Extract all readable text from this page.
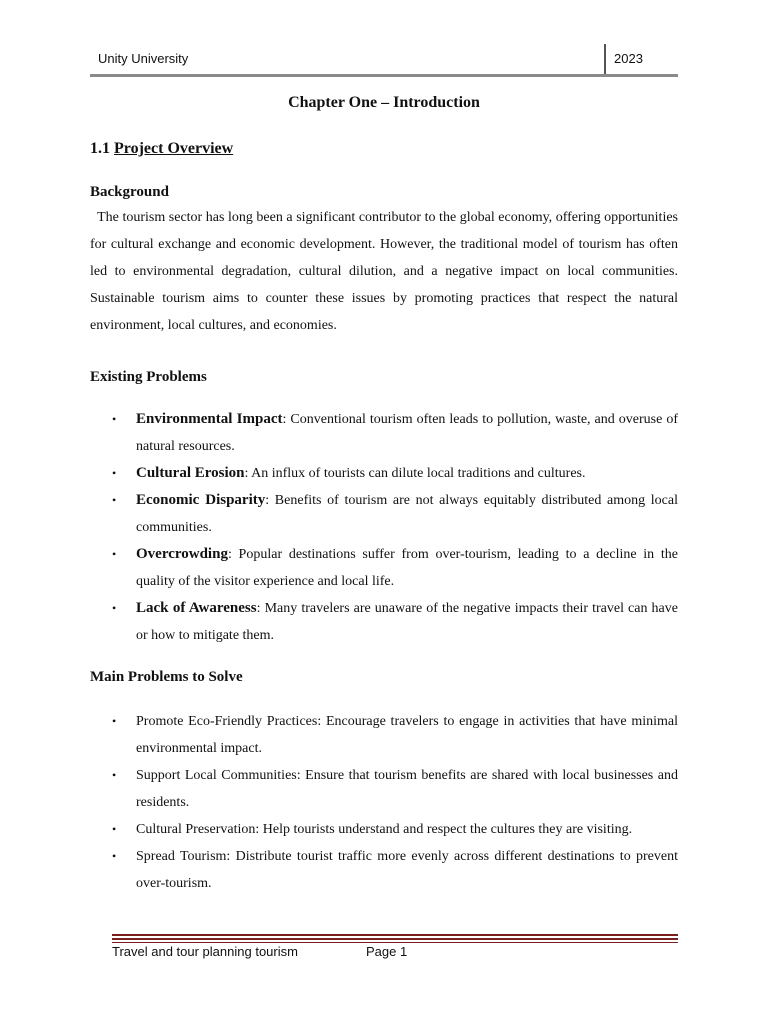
Unity University	2023
Chapter One – Introduction
1.1 Project Overview
Background

The tourism sector has long been a significant contributor to the global economy, offering opportunities for cultural exchange and economic development. However, the traditional model of tourism has often led to environmental degradation, cultural dilution, and a negative impact on local communities. Sustainable tourism aims to counter these issues by promoting practices that respect the natural environment, local cultures, and economies.

Existing Problems
• Environmental Impact: Conventional tourism often leads to pollution, waste, and overuse of natural resources.
• Cultural Erosion: An influx of tourists can dilute local traditions and cultures.
• Economic Disparity: Benefits of tourism are not always equitably distributed among local communities.
• Overcrowding: Popular destinations suffer from over-tourism, leading to a decline in the quality of the visitor experience and local life.
• Lack of Awareness: Many travelers are unaware of the negative impacts their travel can have or how to mitigate them.
Main Problems to Solve
• Promote Eco-Friendly Practices: Encourage travelers to engage in activities that have minimal environmental impact.
• Support Local Communities: Ensure that tourism benefits are shared with local businesses and residents.
• Cultural Preservation: Help tourists understand and respect the cultures they are visiting.
• Spread Tourism: Distribute tourist traffic more evenly across different destinations to prevent over-tourism.
Travel and tour planning tourism	Page 1
